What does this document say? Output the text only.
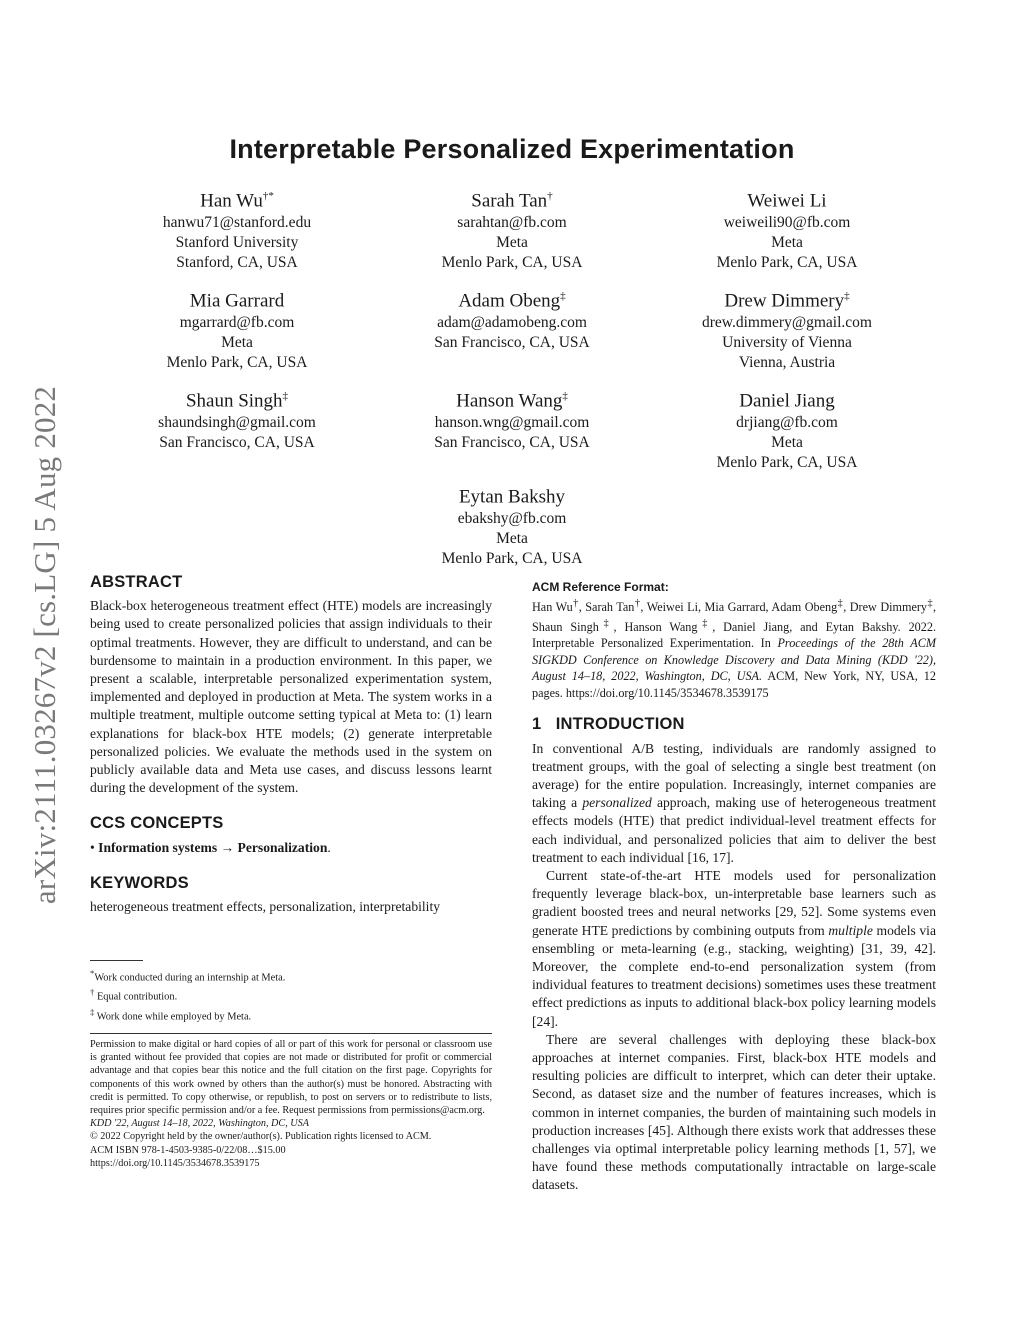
arXiv:2111.03267v2 [cs.LG] 5 Aug 2022
Interpretable Personalized Experimentation
Han Wu†*
hanwu71@stanford.edu
Stanford University
Stanford, CA, USA
Sarah Tan†
sarahtan@fb.com
Meta
Menlo Park, CA, USA
Weiwei Li
weiweili90@fb.com
Meta
Menlo Park, CA, USA
Mia Garrard
mgarrard@fb.com
Meta
Menlo Park, CA, USA
Adam Obeng‡
adam@adamobeng.com
San Francisco, CA, USA
Drew Dimmery‡
drew.dimmery@gmail.com
University of Vienna
Vienna, Austria
Shaun Singh‡
shaundsingh@gmail.com
San Francisco, CA, USA
Hanson Wang‡
hanson.wng@gmail.com
San Francisco, CA, USA
Daniel Jiang
drjiang@fb.com
Meta
Menlo Park, CA, USA
Eytan Bakshy
ebakshy@fb.com
Meta
Menlo Park, CA, USA
ABSTRACT

Black-box heterogeneous treatment effect (HTE) models are increasingly being used to create personalized policies that assign individuals to their optimal treatments. However, they are difficult to understand, and can be burdensome to maintain in a production environment. In this paper, we present a scalable, interpretable personalized experimentation system, implemented and deployed in production at Meta. The system works in a multiple treatment, multiple outcome setting typical at Meta to: (1) learn explanations for black-box HTE models; (2) generate interpretable personalized policies. We evaluate the methods used in the system on publicly available data and Meta use cases, and discuss lessons learnt during the development of the system.

CCS CONCEPTS

• Information systems → Personalization.

KEYWORDS

heterogeneous treatment effects, personalization, interpretability

*Work conducted during an internship at Meta.
† Equal contribution.
‡ Work done while employed by Meta.

Permission to make digital or hard copies of all or part of this work for personal or classroom use is granted without fee provided that copies are not made or distributed for profit or commercial advantage and that copies bear this notice and the full citation on the first page. Copyrights for components of this work owned by others than the author(s) must be honored. Abstracting with credit is permitted. To copy otherwise, or republish, to post on servers or to redistribute to lists, requires prior specific permission and/or a fee. Request permissions from permissions@acm.org.

KDD '22, August 14–18, 2022, Washington, DC, USA

© 2022 Copyright held by the owner/author(s). Publication rights licensed to ACM.

ACM ISBN 978-1-4503-9385-0/22/08…$15.00

https://doi.org/10.1145/3534678.3539175

ACM Reference Format:

Han Wu†, Sarah Tan†, Weiwei Li, Mia Garrard, Adam Obeng‡, Drew Dimmery‡, Shaun Singh‡, Hanson Wang‡, Daniel Jiang, and Eytan Bakshy. 2022. Interpretable Personalized Experimentation. In Proceedings of the 28th ACM SIGKDD Conference on Knowledge Discovery and Data Mining (KDD '22), August 14–18, 2022, Washington, DC, USA. ACM, New York, NY, USA, 12 pages. https://doi.org/10.1145/3534678.3539175

1 INTRODUCTION

In conventional A/B testing, individuals are randomly assigned to treatment groups, with the goal of selecting a single best treatment (on average) for the entire population. Increasingly, internet companies are taking a personalized approach, making use of heterogeneous treatment effects models (HTE) that predict individual-level treatment effects for each individual, and personalized policies that aim to deliver the best treatment to each individual [16, 17].

Current state-of-the-art HTE models used for personalization frequently leverage black-box, un-interpretable base learners such as gradient boosted trees and neural networks [29, 52]. Some systems even generate HTE predictions by combining outputs from multiple models via ensembling or meta-learning (e.g., stacking, weighting) [31, 39, 42]. Moreover, the complete end-to-end personalization system (from individual features to treatment decisions) sometimes uses these treatment effect predictions as inputs to additional black-box policy learning models [24].

There are several challenges with deploying these black-box approaches at internet companies. First, black-box HTE models and resulting policies are difficult to interpret, which can deter their uptake. Second, as dataset size and the number of features increases, which is common in internet companies, the burden of maintaining such models in production increases [45]. Although there exists work that addresses these challenges via optimal interpretable policy learning methods [1, 57], we have found these methods computationally intractable on large-scale datasets.
